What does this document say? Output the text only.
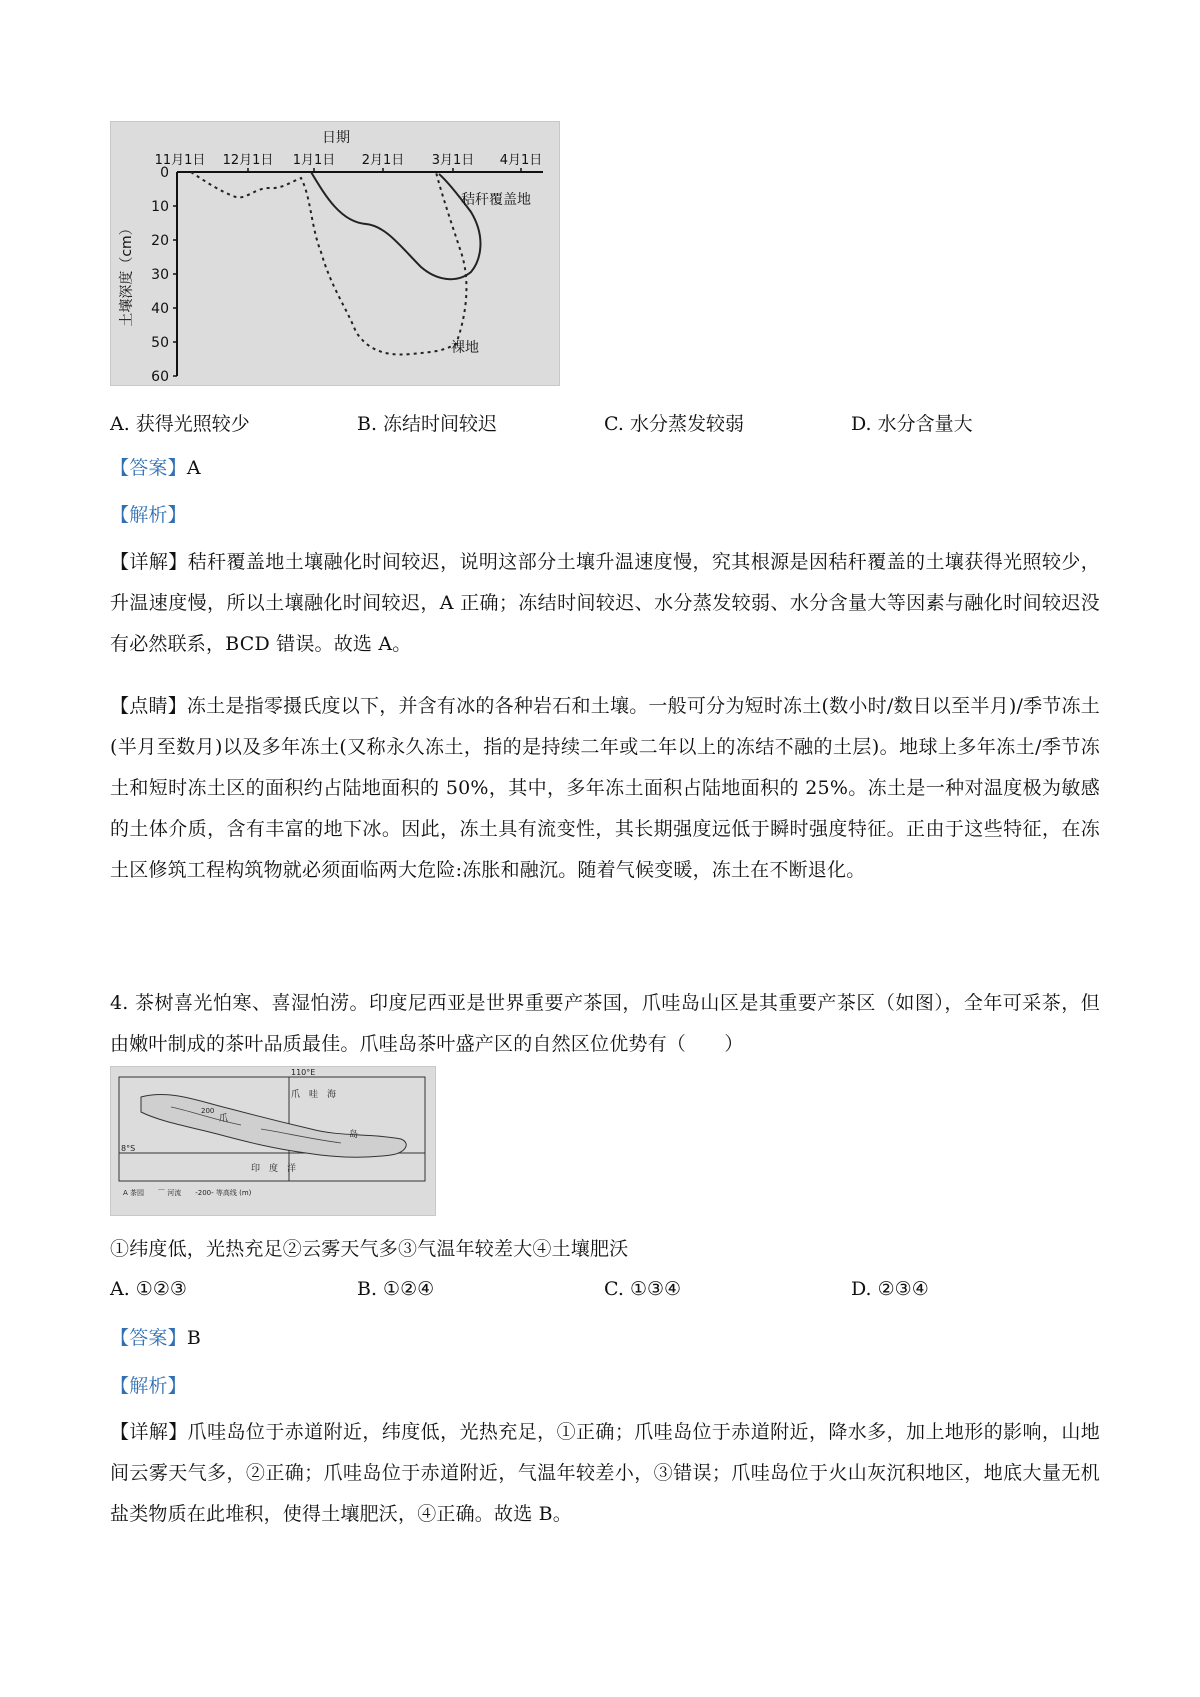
日期
11月1日 12月1日 1月1日 2月1日 3月1日 4月1日
0
10
20
30
40
50
60
土壤深度（cm）
秸秆覆盖地
裸地
A. 获得光照较少	B. 冻结时间较迟	C. 水分蒸发较弱	D. 水分含量大
【答案】A
【解析】
【详解】秸秆覆盖地土壤融化时间较迟，说明这部分土壤升温速度慢，究其根源是因秸秆覆盖的土壤获得光照较少，升温速度慢，所以土壤融化时间较迟，A 正确；冻结时间较迟、水分蒸发较弱、水分含量大等因素与融化时间较迟没有必然联系，BCD 错误。故选 A。
【点睛】冻土是指零摄氏度以下，并含有冰的各种岩石和土壤。一般可分为短时冻土(数小时/数日以至半月)/季节冻土(半月至数月)以及多年冻土(又称永久冻土，指的是持续二年或二年以上的冻结不融的土层)。地球上多年冻土/季节冻土和短时冻土区的面积约占陆地面积的 50%，其中，多年冻土面积占陆地面积的 25%。冻土是一种对温度极为敏感的土体介质，含有丰富的地下冰。因此，冻土具有流变性，其长期强度远低于瞬时强度特征。正由于这些特征，在冻土区修筑工程构筑物就必须面临两大危险:冻胀和融沉。随着气候变暖，冻土在不断退化。
4. 茶树喜光怕寒、喜湿怕涝。印度尼西亚是世界重要产茶国，爪哇岛山区是其重要产茶区（如图），全年可采茶，但由嫩叶制成的茶叶品质最佳。爪哇岛茶叶盛产区的自然区位优势有（　　）
110°E
8°S
爪　哇　海
爪
岛
200
印　度　洋
A 茶园　　⌒ 河流　　-200- 等高线 (m)
①纬度低，光热充足②云雾天气多③气温年较差大④土壤肥沃
A. ①②③	B. ①②④	C. ①③④	D. ②③④
【答案】B
【解析】
【详解】爪哇岛位于赤道附近，纬度低，光热充足，①正确；爪哇岛位于赤道附近，降水多，加上地形的影响，山地间云雾天气多，②正确；爪哇岛位于赤道附近，气温年较差小，③错误；爪哇岛位于火山灰沉积地区，地底大量无机盐类物质在此堆积，使得土壤肥沃，④正确。故选 B。
